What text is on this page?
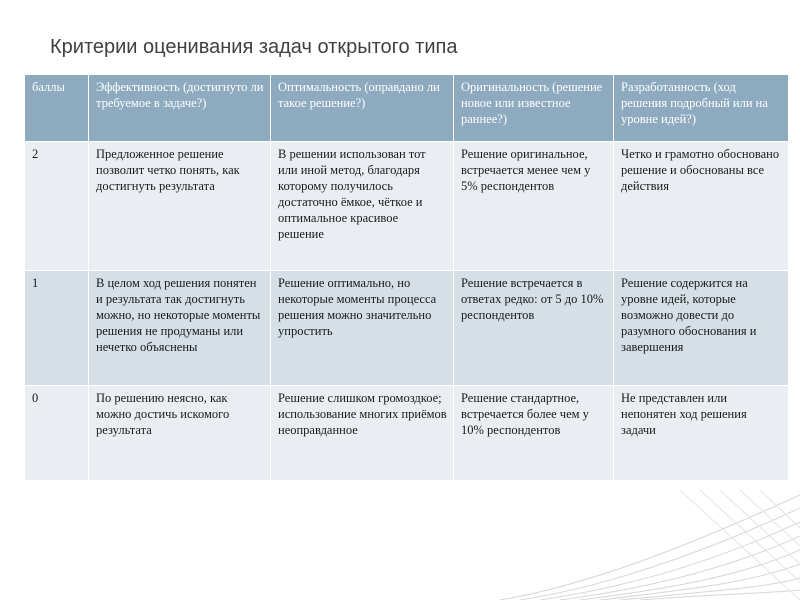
Критерии оценивания задач открытого типа
баллы	Эффективность (достигнуто ли требуемое в задаче?)	Оптимальность (оправдано ли такое решение?)	Оригинальность (решение новое или известное раннее?)	Разработанность (ход решения подробный или на уровне идей?)
2	Предложенное решение позволит четко понять, как достигнуть результата	В решении использован тот или иной метод, благодаря которому получилось достаточно ёмкое, чёткое и оптимальное красивое решение	Решение оригинальное, встречается менее чем у 5% респондентов	Четко и грамотно обосновано решение и обоснованы все действия
1	В целом ход решения понятен и результата так достигнуть можно, но некоторые моменты решения не продуманы или нечетко объяснены	Решение оптимально, но некоторые моменты процесса решения можно значительно упростить	Решение встречается в ответах редко: от 5 до 10% респондентов	Решение содержится на уровне идей, которые возможно довести до разумного обоснования и завершения
0	По решению неясно, как можно достичь искомого результата	Решение слишком громоздкое; использование многих приёмов неоправданное	Решение стандартное, встречается более чем у 10% респондентов	Не представлен или непонятен ход решения задачи
